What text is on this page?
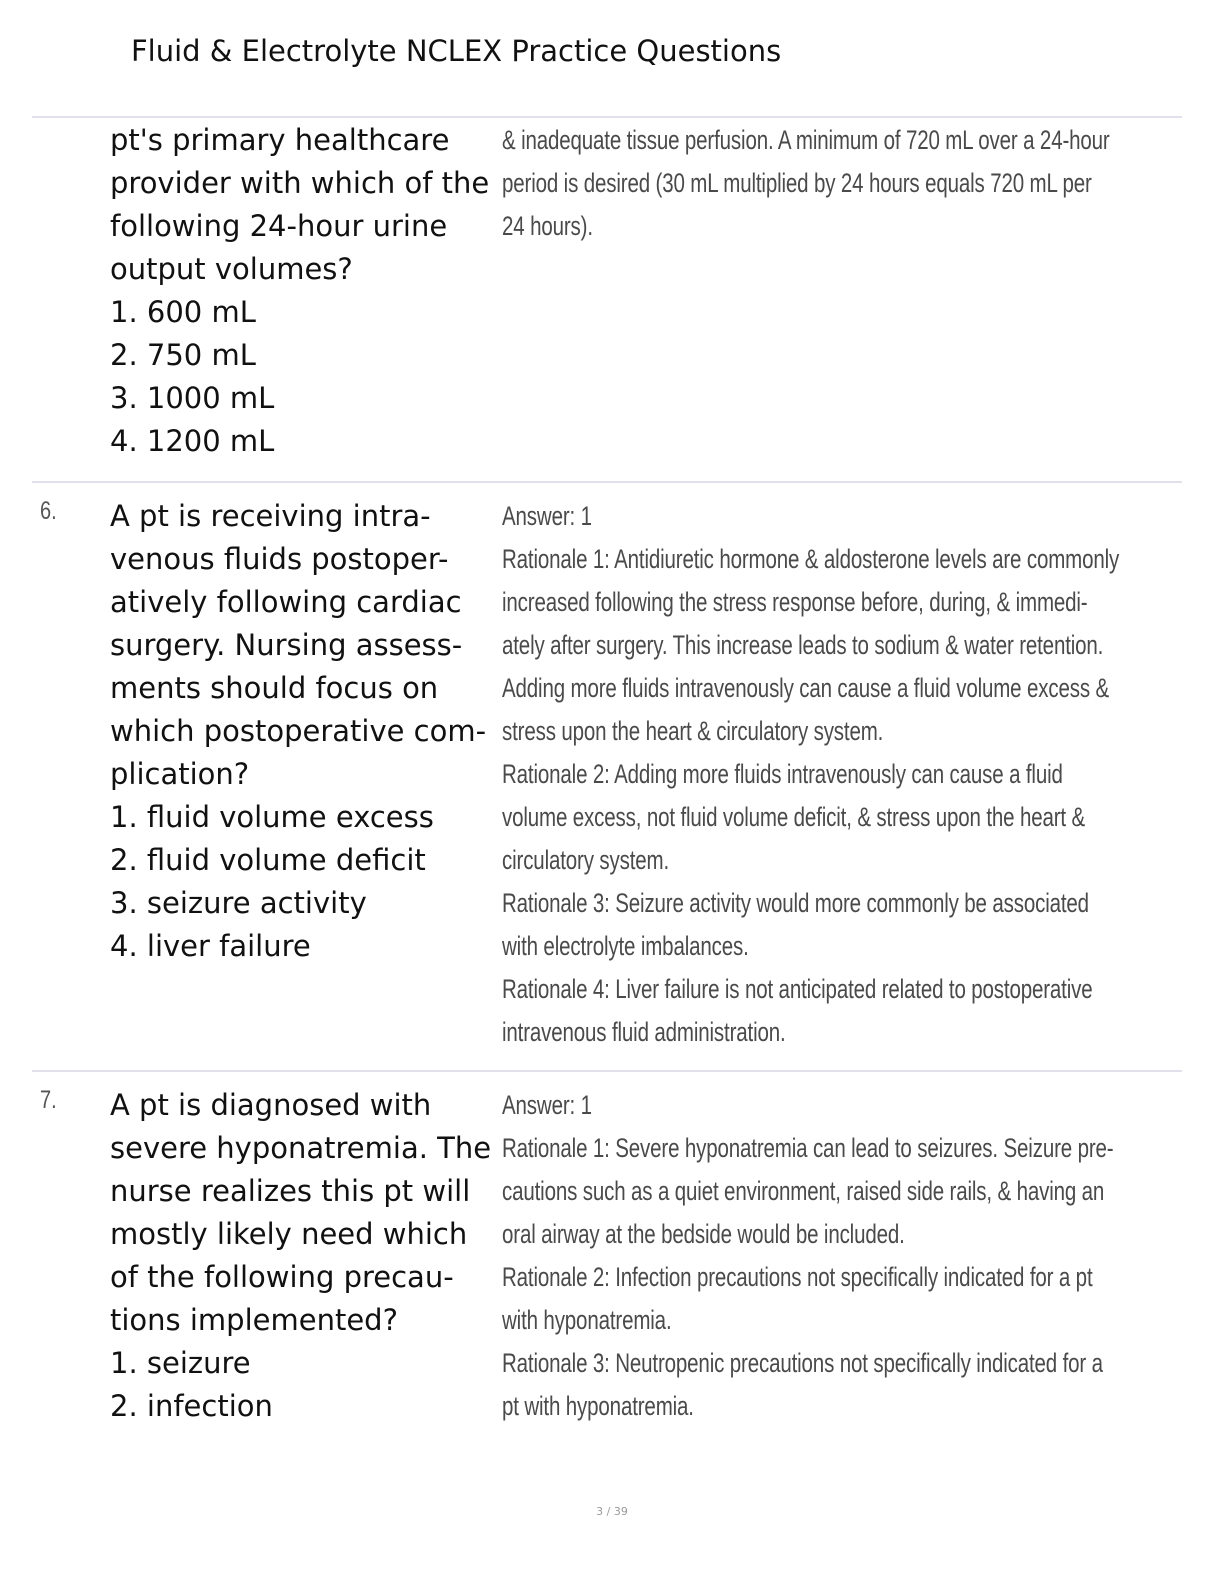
Fluid & Electrolyte NCLEX Practice Questions
pt's primary healthcare
provider with which of the
following 24-hour urine
output volumes?
1. 600 mL
2. 750 mL
3. 1000 mL
4. 1200 mL
& inadequate tissue perfusion. A minimum of 720 mL over a 24-hour
period is desired (30 mL multiplied by 24 hours equals 720 mL per
24 hours).
6. A pt is receiving intra-
venous fluids postoper-
atively following cardiac
surgery. Nursing assess-
ments should focus on
which postoperative com-
plication?
1. fluid volume excess
2. fluid volume deficit
3. seizure activity
4. liver failure
Answer: 1
Rationale 1: Antidiuretic hormone & aldosterone levels are commonly
increased following the stress response before, during, & immedi-
ately after surgery. This increase leads to sodium & water retention.
Adding more fluids intravenously can cause a fluid volume excess &
stress upon the heart & circulatory system.
Rationale 2: Adding more fluids intravenously can cause a fluid
volume excess, not fluid volume deficit, & stress upon the heart &
circulatory system.
Rationale 3: Seizure activity would more commonly be associated
with electrolyte imbalances.
Rationale 4: Liver failure is not anticipated related to postoperative
intravenous fluid administration.
7. A pt is diagnosed with
severe hyponatremia. The
nurse realizes this pt will
mostly likely need which
of the following precau-
tions implemented?
1. seizure
2. infection
Answer: 1
Rationale 1: Severe hyponatremia can lead to seizures. Seizure pre-
cautions such as a quiet environment, raised side rails, & having an
oral airway at the bedside would be included.
Rationale 2: Infection precautions not specifically indicated for a pt
with hyponatremia.
Rationale 3: Neutropenic precautions not specifically indicated for a
pt with hyponatremia.
3 / 39
